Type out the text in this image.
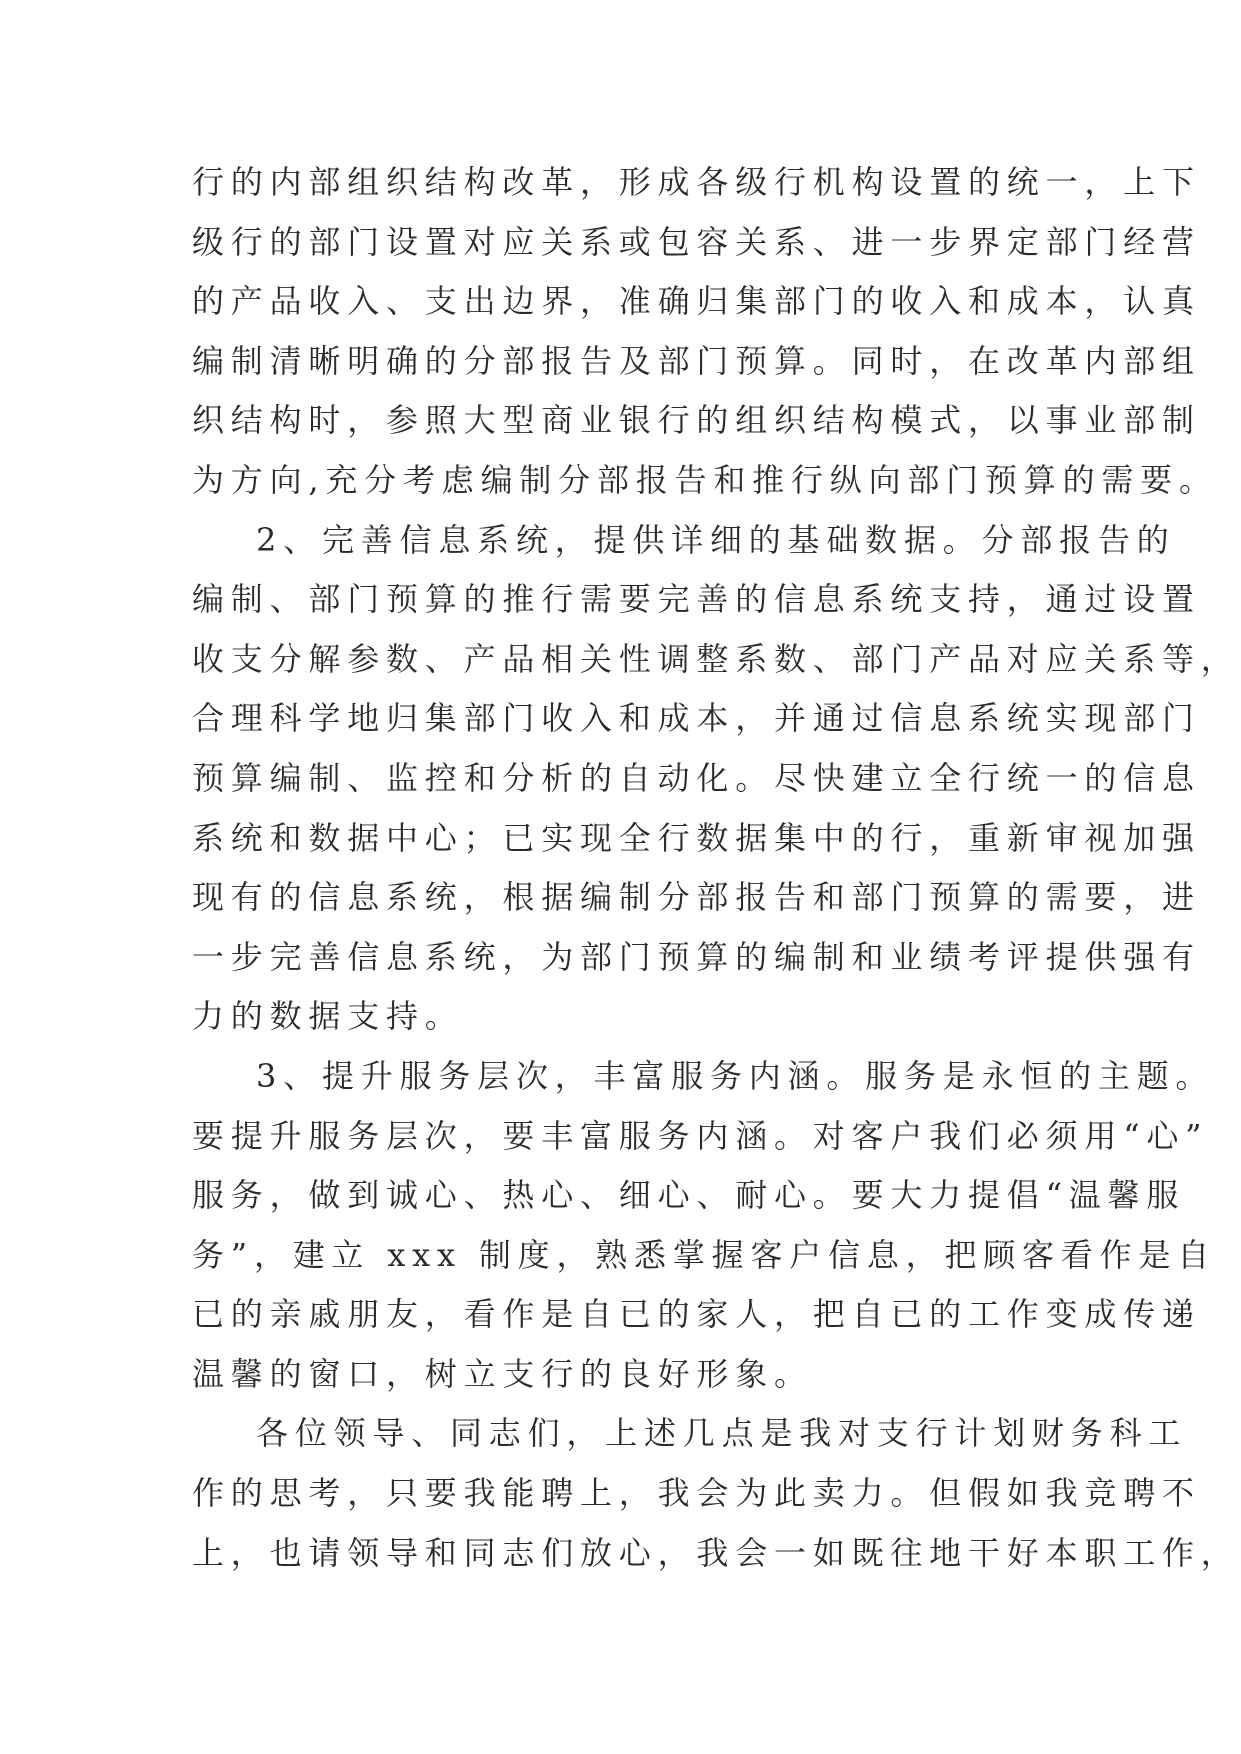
行的内部组织结构改革，形成各级行机构设置的统一，上下
级行的部门设置对应关系或包容关系、进一步界定部门经营
的产品收入、支出边界，准确归集部门的收入和成本，认真
编制清晰明确的分部报告及部门预算。同时，在改革内部组
织结构时，参照大型商业银行的组织结构模式，以事业部制
为方向,充分考虑编制分部报告和推行纵向部门预算的需要。
2、完善信息系统，提供详细的基础数据。分部报告的
编制、部门预算的推行需要完善的信息系统支持，通过设置
收支分解参数、产品相关性调整系数、部门产品对应关系等，
合理科学地归集部门收入和成本，并通过信息系统实现部门
预算编制、监控和分析的自动化。尽快建立全行统一的信息
系统和数据中心；已实现全行数据集中的行，重新审视加强
现有的信息系统，根据编制分部报告和部门预算的需要，进
一步完善信息系统，为部门预算的编制和业绩考评提供强有
力的数据支持。
3、提升服务层次，丰富服务内涵。服务是永恒的主题。
要提升服务层次，要丰富服务内涵。对客户我们必须用“心”
服务，做到诚心、热心、细心、耐心。要大力提倡“温馨服
务”，建立 xxx 制度，熟悉掌握客户信息，把顾客看作是自
已的亲戚朋友，看作是自已的家人，把自已的工作变成传递
温馨的窗口，树立支行的良好形象。
各位领导、同志们，上述几点是我对支行计划财务科工
作的思考，只要我能聘上，我会为此卖力。但假如我竞聘不
上，也请领导和同志们放心，我会一如既往地干好本职工作，
